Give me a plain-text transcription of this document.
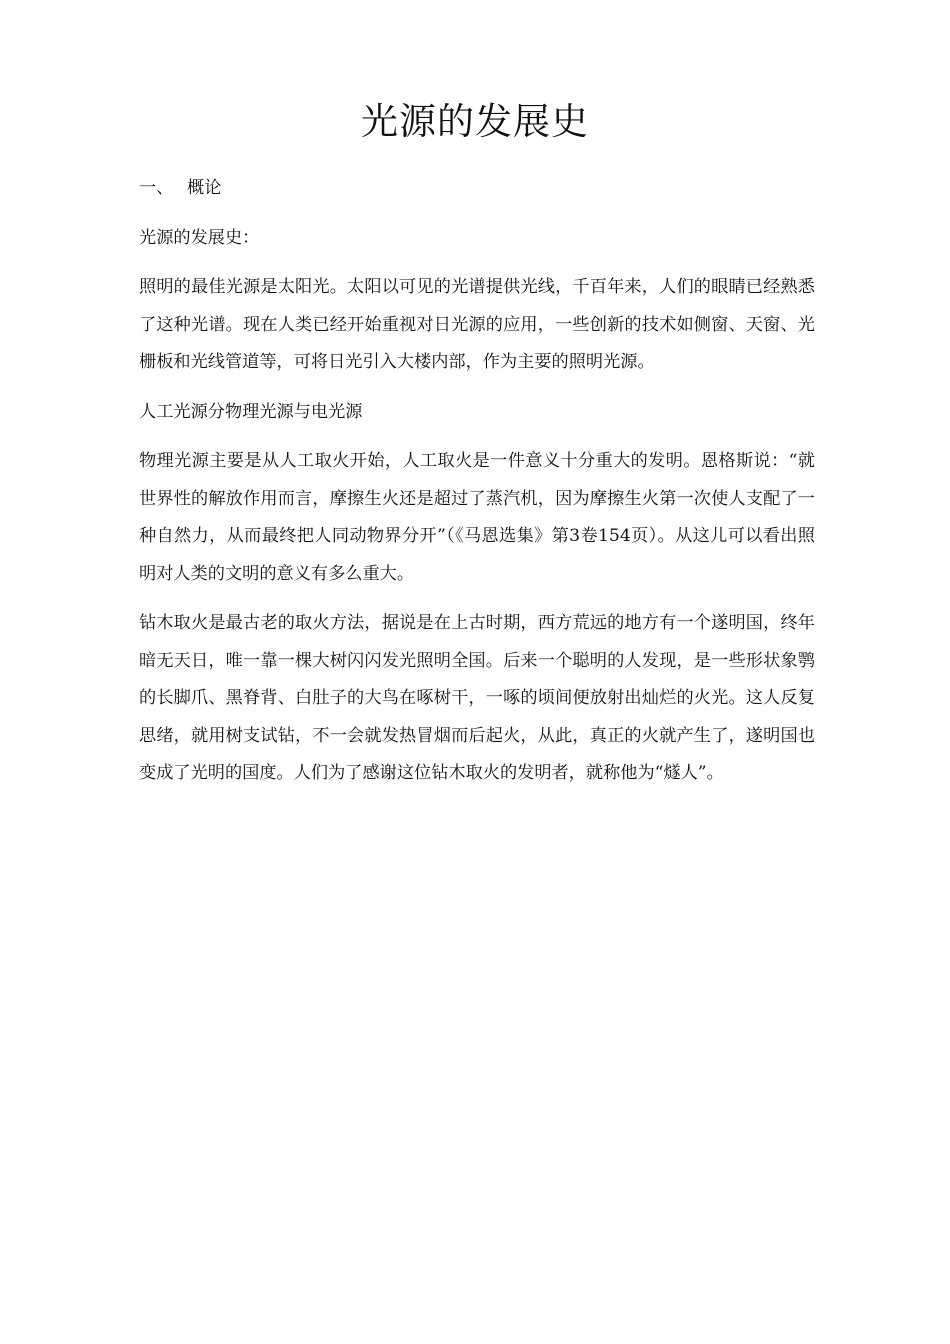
光源的发展史

一、 概论

光源的发展史：

照明的最佳光源是太阳光。太阳以可见的光谱提供光线，千百年来，人们的眼睛已经熟悉了这种光谱。现在人类已经开始重视对日光源的应用，一些创新的技术如侧窗、天窗、光栅板和光线管道等，可将日光引入大楼内部，作为主要的照明光源。

人工光源分物理光源与电光源

物理光源主要是从人工取火开始，人工取火是一件意义十分重大的发明。恩格斯说：“就世界性的解放作用而言，摩擦生火还是超过了蒸汽机，因为摩擦生火第一次使人支配了一种自然力，从而最终把人同动物界分开”（《马恩选集》第3卷154页）。从这儿可以看出照明对人类的文明的意义有多么重大。

钻木取火是最古老的取火方法，据说是在上古时期，西方荒远的地方有一个遂明国，终年暗无天日，唯一靠一棵大树闪闪发光照明全国。后来一个聪明的人发现，是一些形状象鹗的长脚爪、黑脊背、白肚子的大鸟在啄树干，一啄的顷间便放射出灿烂的火光。这人反复思绪，就用树支试钻，不一会就发热冒烟而后起火，从此，真正的火就产生了，遂明国也变成了光明的国度。人们为了感谢这位钻木取火的发明者，就称他为“燧人”。
